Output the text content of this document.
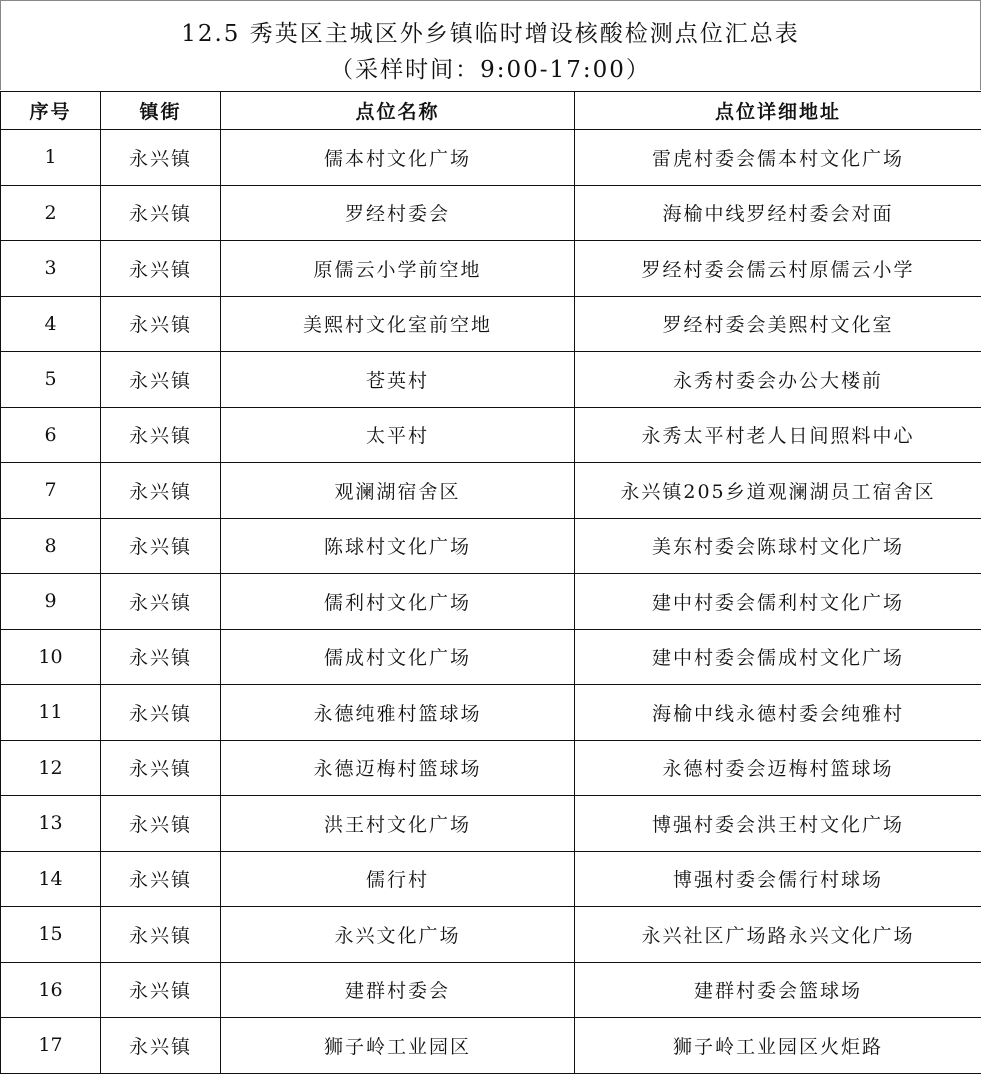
12.5 秀英区主城区外乡镇临时增设核酸检测点位汇总表
（采样时间：9:00-17:00）
序号	镇街	点位名称	点位详细地址
1	永兴镇	儒本村文化广场	雷虎村委会儒本村文化广场
2	永兴镇	罗经村委会	海榆中线罗经村委会对面
3	永兴镇	原儒云小学前空地	罗经村委会儒云村原儒云小学
4	永兴镇	美熙村文化室前空地	罗经村委会美熙村文化室
5	永兴镇	苍英村	永秀村委会办公大楼前
6	永兴镇	太平村	永秀太平村老人日间照料中心
7	永兴镇	观澜湖宿舍区	永兴镇205乡道观澜湖员工宿舍区
8	永兴镇	陈球村文化广场	美东村委会陈球村文化广场
9	永兴镇	儒利村文化广场	建中村委会儒利村文化广场
10	永兴镇	儒成村文化广场	建中村委会儒成村文化广场
11	永兴镇	永德纯雅村篮球场	海榆中线永德村委会纯雅村
12	永兴镇	永德迈梅村篮球场	永德村委会迈梅村篮球场
13	永兴镇	洪王村文化广场	博强村委会洪王村文化广场
14	永兴镇	儒行村	博强村委会儒行村球场
15	永兴镇	永兴文化广场	永兴社区广场路永兴文化广场
16	永兴镇	建群村委会	建群村委会篮球场
17	永兴镇	狮子岭工业园区	狮子岭工业园区火炬路
